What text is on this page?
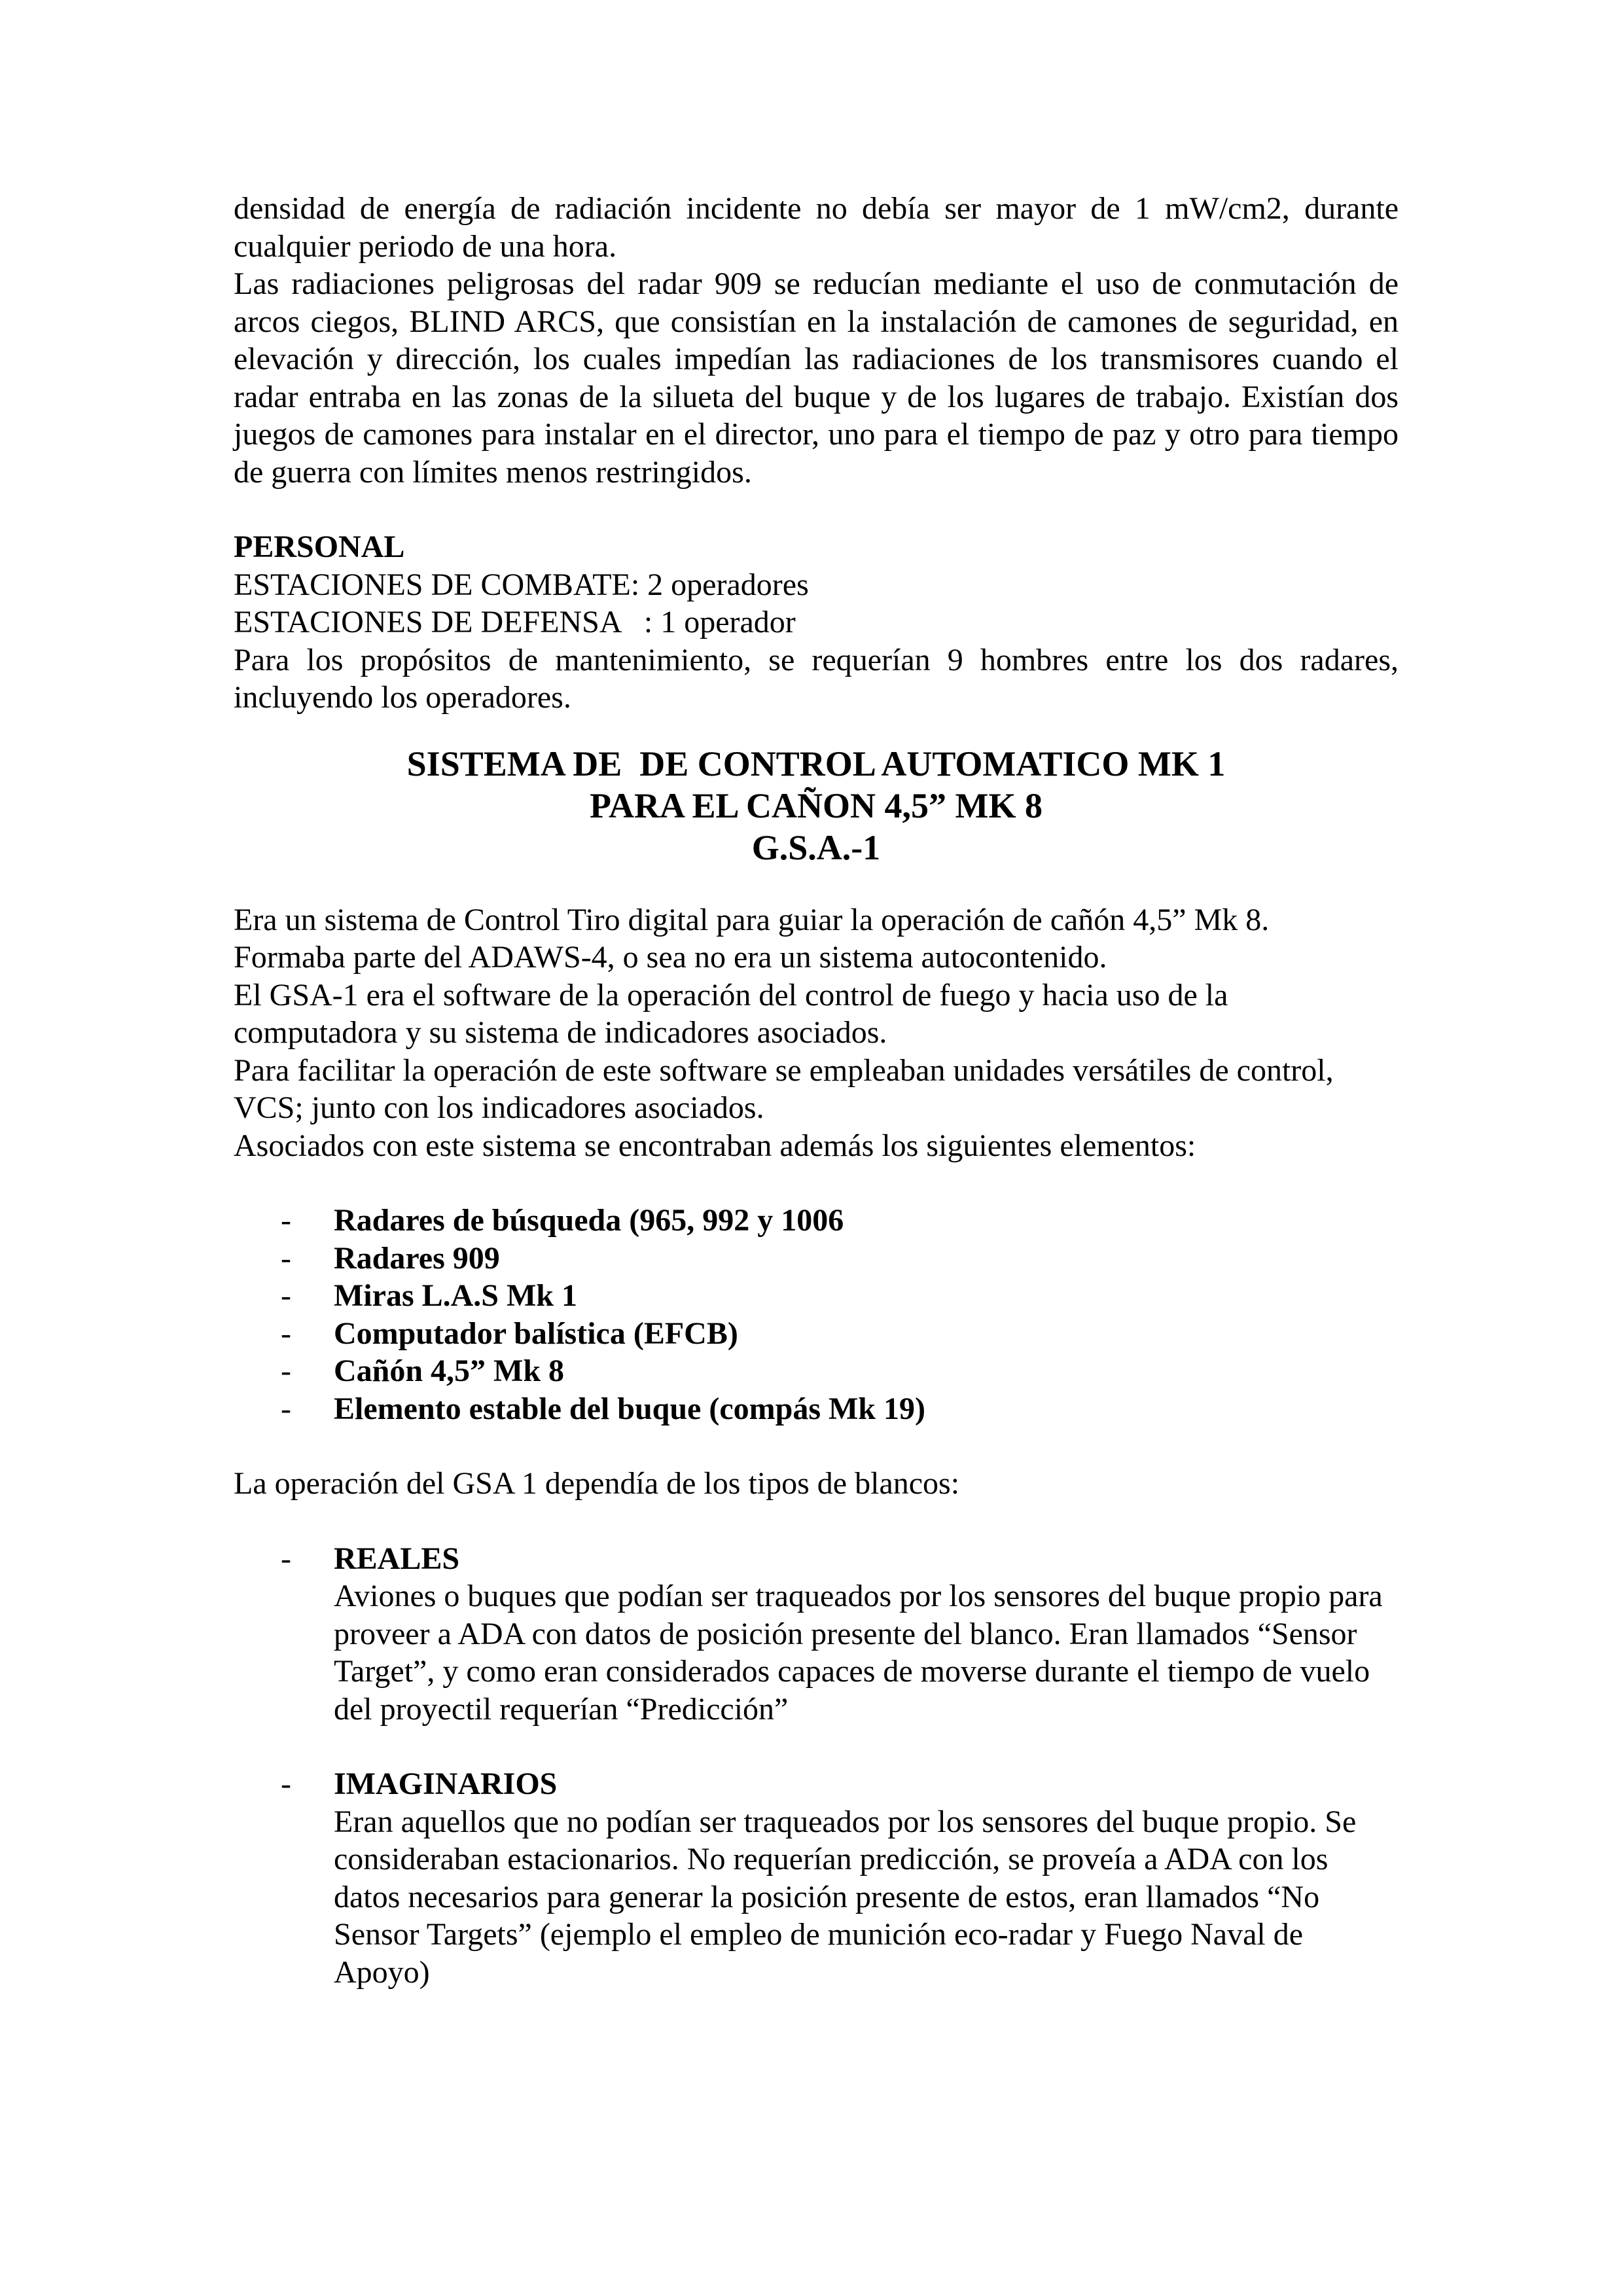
densidad de energía de radiación incidente no debía ser mayor de 1 mW/cm2, durante cualquier periodo de una hora.

Las radiaciones peligrosas del radar 909 se reducían mediante el uso de conmutación de arcos ciegos, BLIND ARCS, que consistían en la instalación de camones de seguridad, en elevación y dirección, los cuales impedían las radiaciones de los transmisores cuando el radar entraba en las zonas de la silueta del buque y de los lugares de trabajo. Existían dos juegos de camones para instalar en el director, uno para el tiempo de paz y otro para tiempo de guerra con límites menos restringidos.

PERSONAL

ESTACIONES DE COMBATE: 2 operadores

ESTACIONES DE DEFENSA   : 1 operador

Para los propósitos de mantenimiento, se requerían 9 hombres entre los dos radares, incluyendo los operadores.

SISTEMA DE  DE CONTROL AUTOMATICO MK 1
PARA EL CAÑON 4,5” MK 8
G.S.A.-1

Era un sistema de Control Tiro digital para guiar la operación de cañón 4,5” Mk 8.

Formaba parte del ADAWS-4, o sea no era un sistema autocontenido.

El GSA-1 era el software de la operación del control de fuego y hacia uso de la computadora y su sistema de indicadores asociados.

Para facilitar la operación de este software se empleaban unidades versátiles de control, VCS; junto con los indicadores asociados.

Asociados con este sistema se encontraban además los siguientes elementos:

- Radares de búsqueda (965, 992 y 1006
- Radares 909
- Miras L.A.S Mk 1
- Computador balística (EFCB)
- Cañón 4,5” Mk 8
- Elemento estable del buque (compás Mk 19)

La operación del GSA 1 dependía de los tipos de blancos:

- REALES
Aviones o buques que podían ser traqueados por los sensores del buque propio para proveer a ADA con datos de posición presente del blanco. Eran llamados “Sensor Target”, y como eran considerados capaces de moverse durante el tiempo de vuelo del proyectil requerían “Predicción”
- IMAGINARIOS
Eran aquellos que no podían ser traqueados por los sensores del buque propio. Se consideraban estacionarios. No requerían predicción, se proveía a ADA con los datos necesarios para generar la posición presente de estos, eran llamados “No Sensor Targets” (ejemplo el empleo de munición eco-radar y Fuego Naval de Apoyo)
